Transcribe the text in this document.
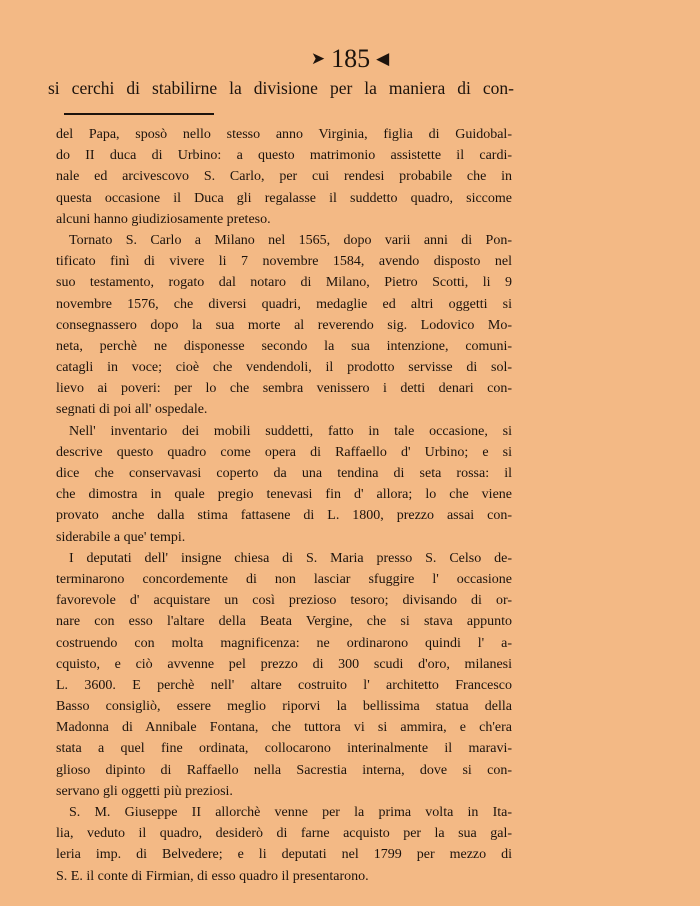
➤ 185 ◀
si cerchi di stabilirne la divisione per la maniera di con-
del Papa, sposò nello stesso anno Virginia, figlia di Guidobal-
do II duca di Urbino: a questo matrimonio assistette il cardi-
nale ed arcivescovo S. Carlo, per cui rendesi probabile che in
questa occasione il Duca gli regalasse il suddetto quadro, siccome
alcuni hanno giudiziosamente preteso.
Tornato S. Carlo a Milano nel 1565, dopo varii anni di Pon-
tificato finì di vivere li 7 novembre 1584, avendo disposto nel
suo testamento, rogato dal notaro di Milano, Pietro Scotti, li 9
novembre 1576, che diversi quadri, medaglie ed altri oggetti si
consegnassero dopo la sua morte al reverendo sig. Lodovico Mo-
neta, perchè ne disponesse secondo la sua intenzione, comuni-
catagli in voce; cioè che vendendoli, il prodotto servisse di sol-
lievo ai poveri: per lo che sembra venissero i detti denari con-
segnati di poi all' ospedale.
Nell' inventario dei mobili suddetti, fatto in tale occasione, si
descrive questo quadro come opera di Raffaello d' Urbino; e si
dice che conservavasi coperto da una tendina di seta rossa: il
che dimostra in quale pregio tenevasi fin d' allora; lo che viene
provato anche dalla stima fattasene di L. 1800, prezzo assai con-
siderabile a que' tempi.
I deputati dell' insigne chiesa di S. Maria presso S. Celso de-
terminarono concordemente di non lasciar sfuggire l' occasione
favorevole d' acquistare un così prezioso tesoro; divisando di or-
nare con esso l'altare della Beata Vergine, che si stava appunto
costruendo con molta magnificenza: ne ordinarono quindi l' a-
cquisto, e ciò avvenne pel prezzo di 300 scudi d'oro, milanesi
L. 3600. E perchè nell' altare costruito l' architetto Francesco
Basso consigliò, essere meglio riporvi la bellissima statua della
Madonna di Annibale Fontana, che tuttora vi si ammira, e ch'era
stata a quel fine ordinata, collocarono interinalmente il maravi-
glioso dipinto di Raffaello nella Sacrestia interna, dove si con-
servano gli oggetti più preziosi.
S. M. Giuseppe II allorchè venne per la prima volta in Ita-
lia, veduto il quadro, desiderò di farne acquisto per la sua gal-
leria imp. di Belvedere; e li deputati nel 1799 per mezzo di
S. E. il conte di Firmian, di esso quadro il presentarono.
